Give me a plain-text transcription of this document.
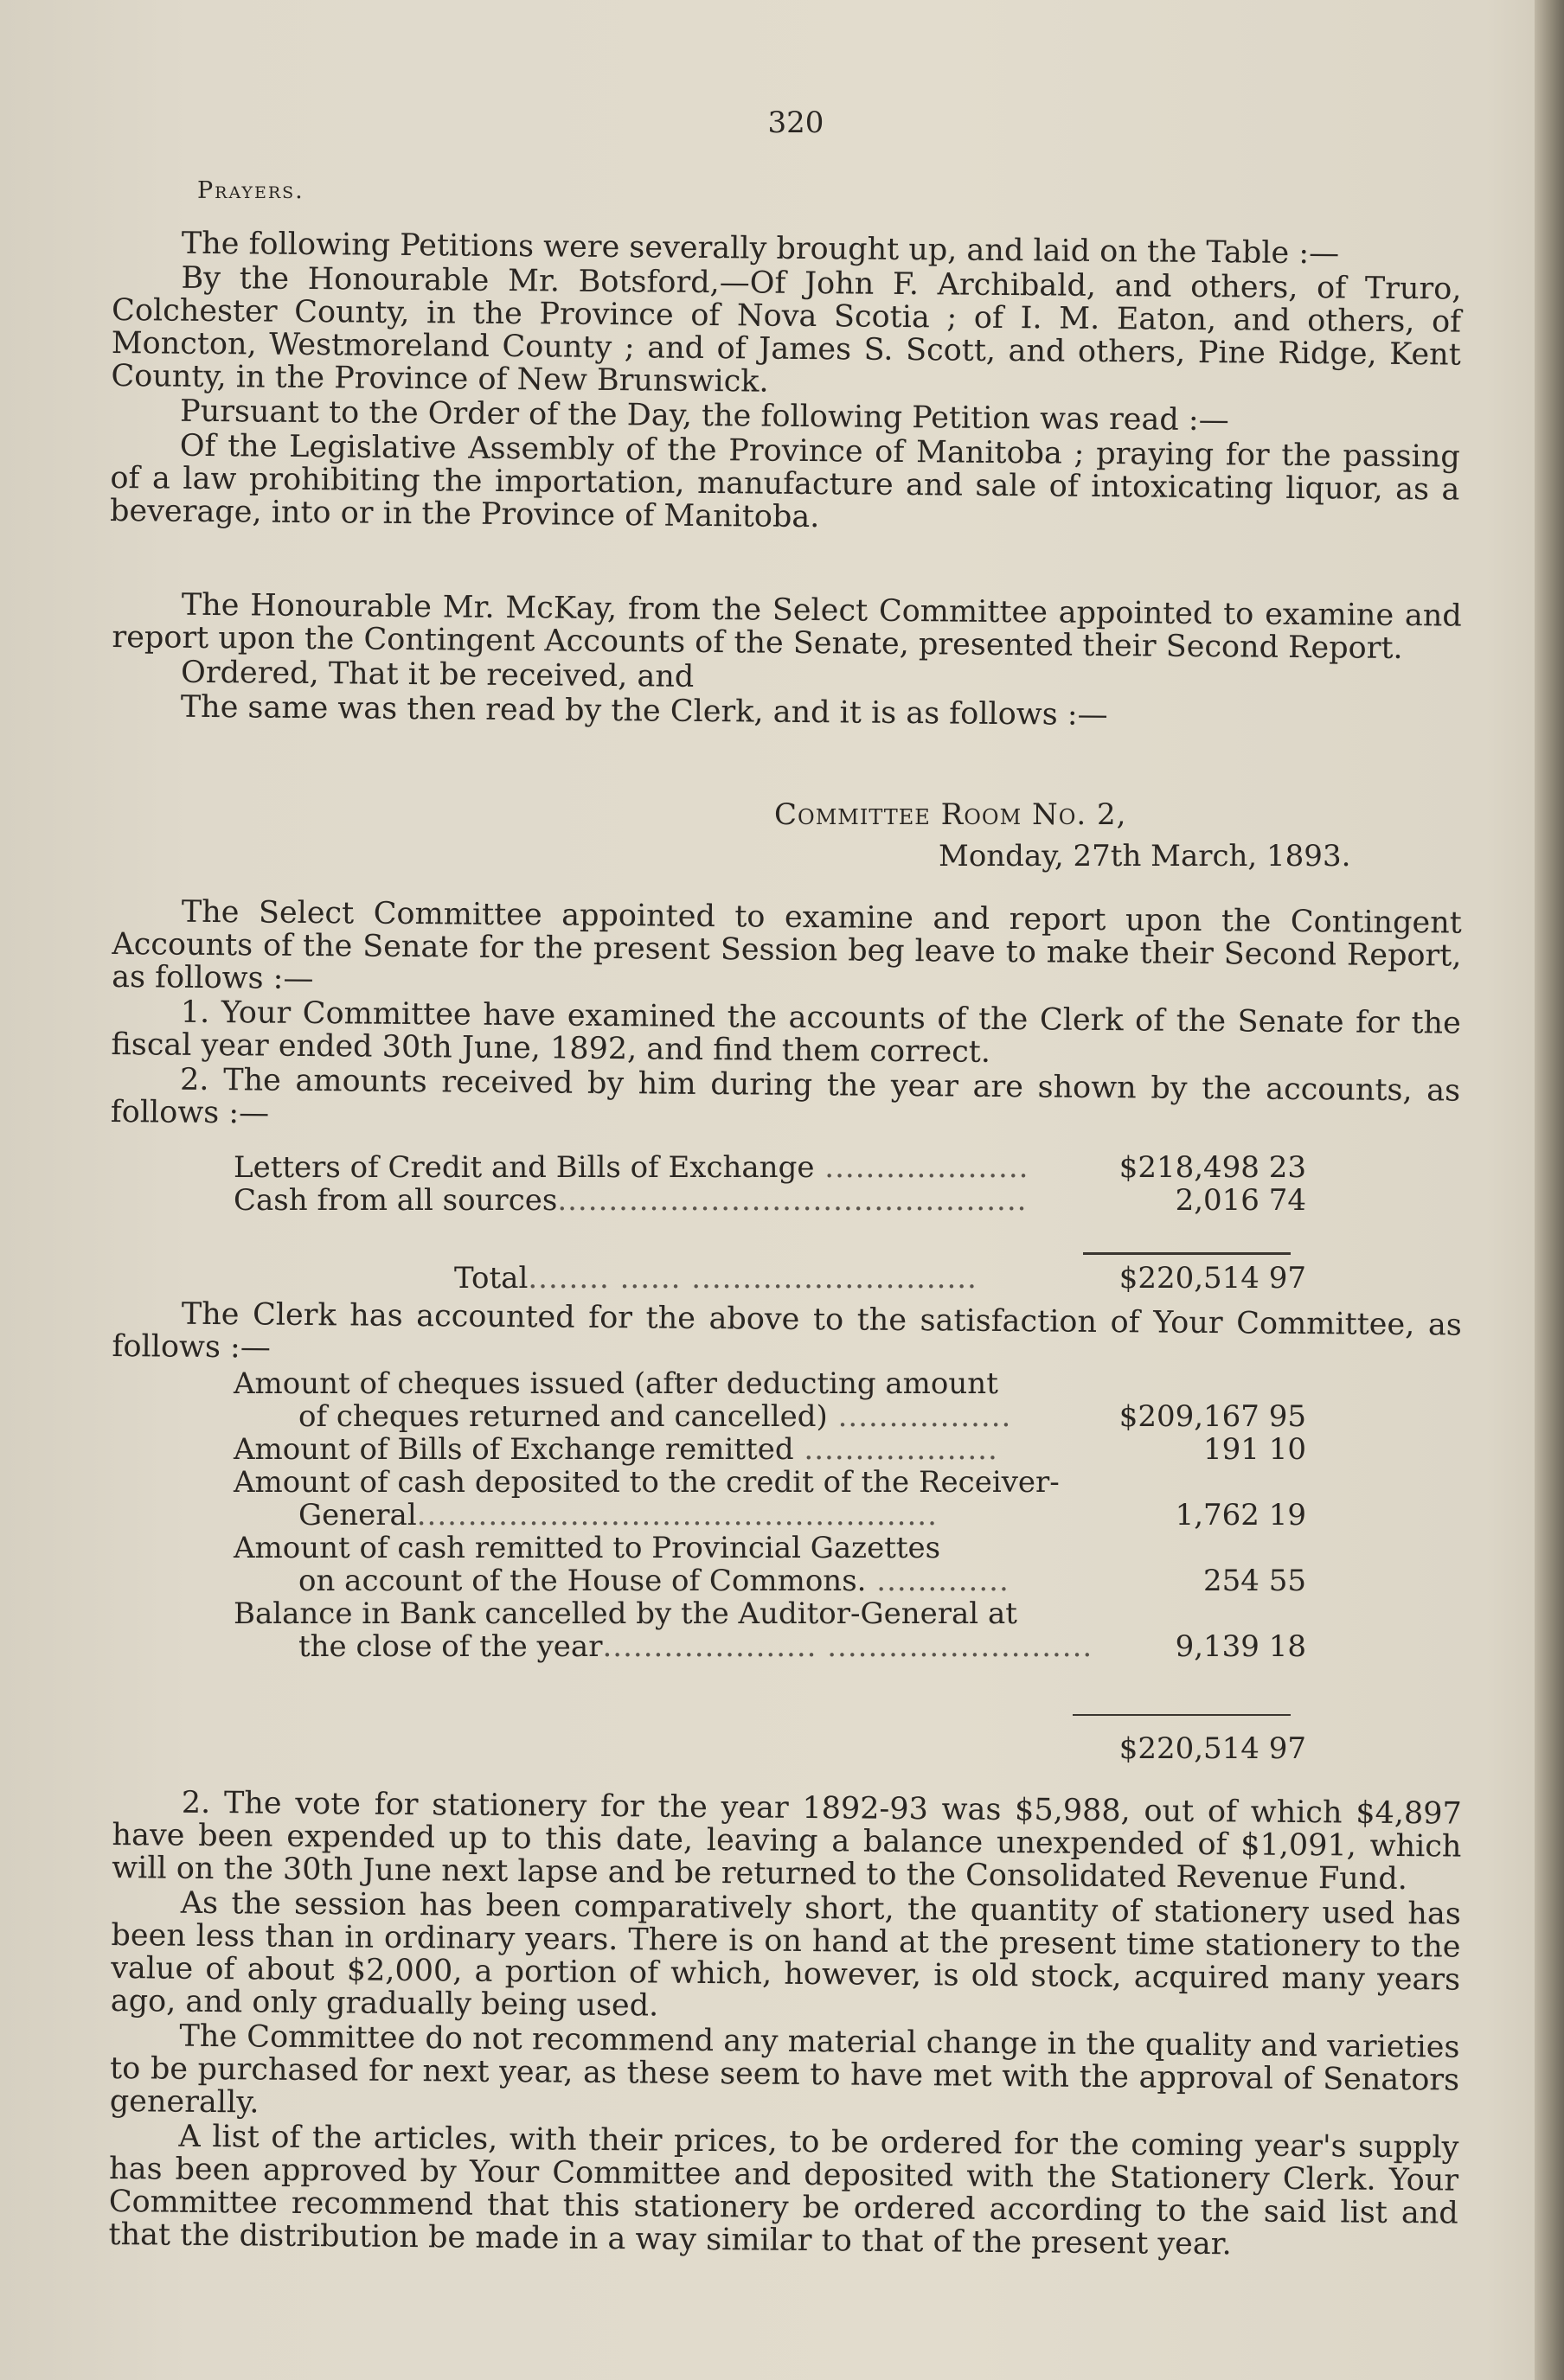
320
Prayers.

The following Petitions were severally brought up, and laid on the Table :—

By the Honourable Mr. Botsford,—Of John F. Archibald, and others, of Truro, Colchester County, in the Province of Nova Scotia ; of I. M. Eaton, and others, of Moncton, Westmoreland County ; and of James S. Scott, and others, Pine Ridge, Kent County, in the Province of New Brunswick.

Pursuant to the Order of the Day, the following Petition was read :—

Of the Legislative Assembly of the Province of Manitoba ; praying for the passing of a law prohibiting the importation, manufacture and sale of intoxicating liquor, as a beverage, into or in the Province of Manitoba.

The Honourable Mr. McKay, from the Select Committee appointed to examine and report upon the Contingent Accounts of the Senate, presented their Second Report.

Ordered, That it be received, and

The same was then read by the Clerk, and it is as follows :—

Committee Room No. 2,
Monday, 27th March, 1893.

The Select Committee appointed to examine and report upon the Contingent Accounts of the Senate for the present Session beg leave to make their Second Report, as follows :—

1. Your Committee have examined the accounts of the Clerk of the Senate for the fiscal year ended 30th June, 1892, and find them correct.

2. The amounts received by him during the year are shown by the accounts, as follows :—

Letters of Credit and Bills of Exchange ....................	$218,498 23
Cash from all sources..............................................	2,016 74
Total........ ...... ............................	$220,514 97

The Clerk has accounted for the above to the satisfaction of Your Committee, as follows :—

Amount of cheques issued (after deducting amount
of cheques returned and cancelled) .................	$209,167 95
Amount of Bills of Exchange remitted ...................	191 10
Amount of cash deposited to the credit of the Receiver-
General...................................................	1,762 19
Amount of cash remitted to Provincial Gazettes
on account of the House of Commons. .............	254 55
Balance in Bank cancelled by the Auditor-General at
the close of the year..................... ..........................	9,139 18
$220,514 97

2. The vote for stationery for the year 1892-93 was $5,988, out of which $4,897 have been expended up to this date, leaving a balance unexpended of $1,091, which will on the 30th June next lapse and be returned to the Consolidated Revenue Fund.

As the session has been comparatively short, the quantity of stationery used has been less than in ordinary years. There is on hand at the present time stationery to the value of about $2,000, a portion of which, however, is old stock, acquired many years ago, and only gradually being used.

The Committee do not recommend any material change in the quality and varieties to be purchased for next year, as these seem to have met with the approval of Senators generally.

A list of the articles, with their prices, to be ordered for the coming year's supply has been approved by Your Committee and deposited with the Stationery Clerk. Your Committee recommend that this stationery be ordered according to the said list and that the distribution be made in a way similar to that of the present year.
